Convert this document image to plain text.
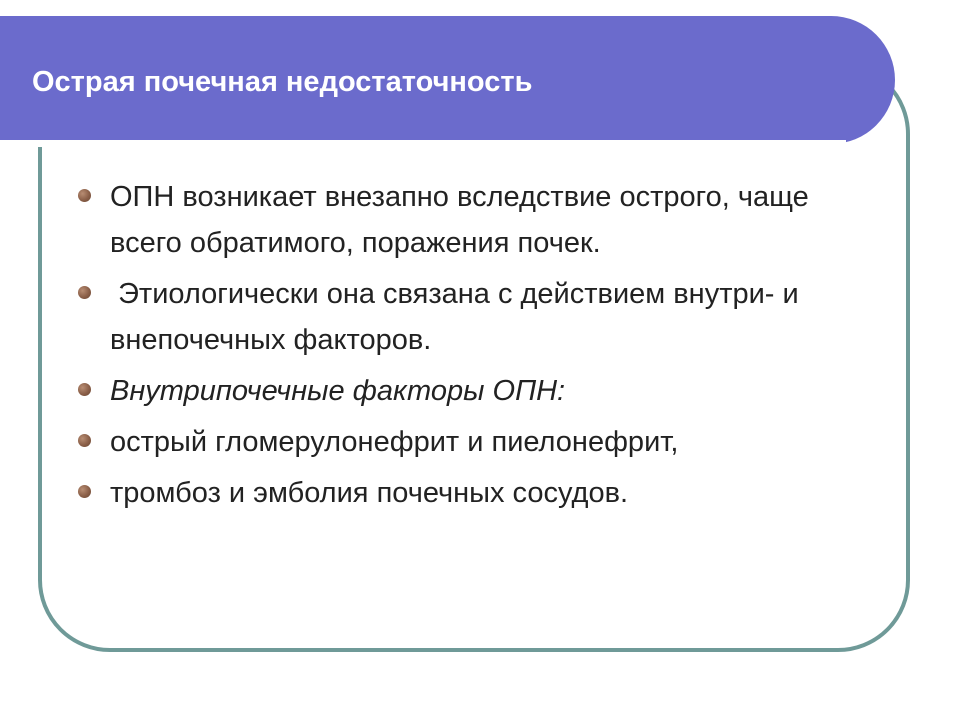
Острая почечная недостаточность
ОПН возникает внезапно вследствие острого, чаще всего обратимого, поражения почек.
Этиологически она связана с действием внутри- и внепочечных факторов.
Внутрипочечные факторы ОПН:
острый гломерулонефрит и пиелонефрит,
тромбоз и эмболия почечных сосудов.
